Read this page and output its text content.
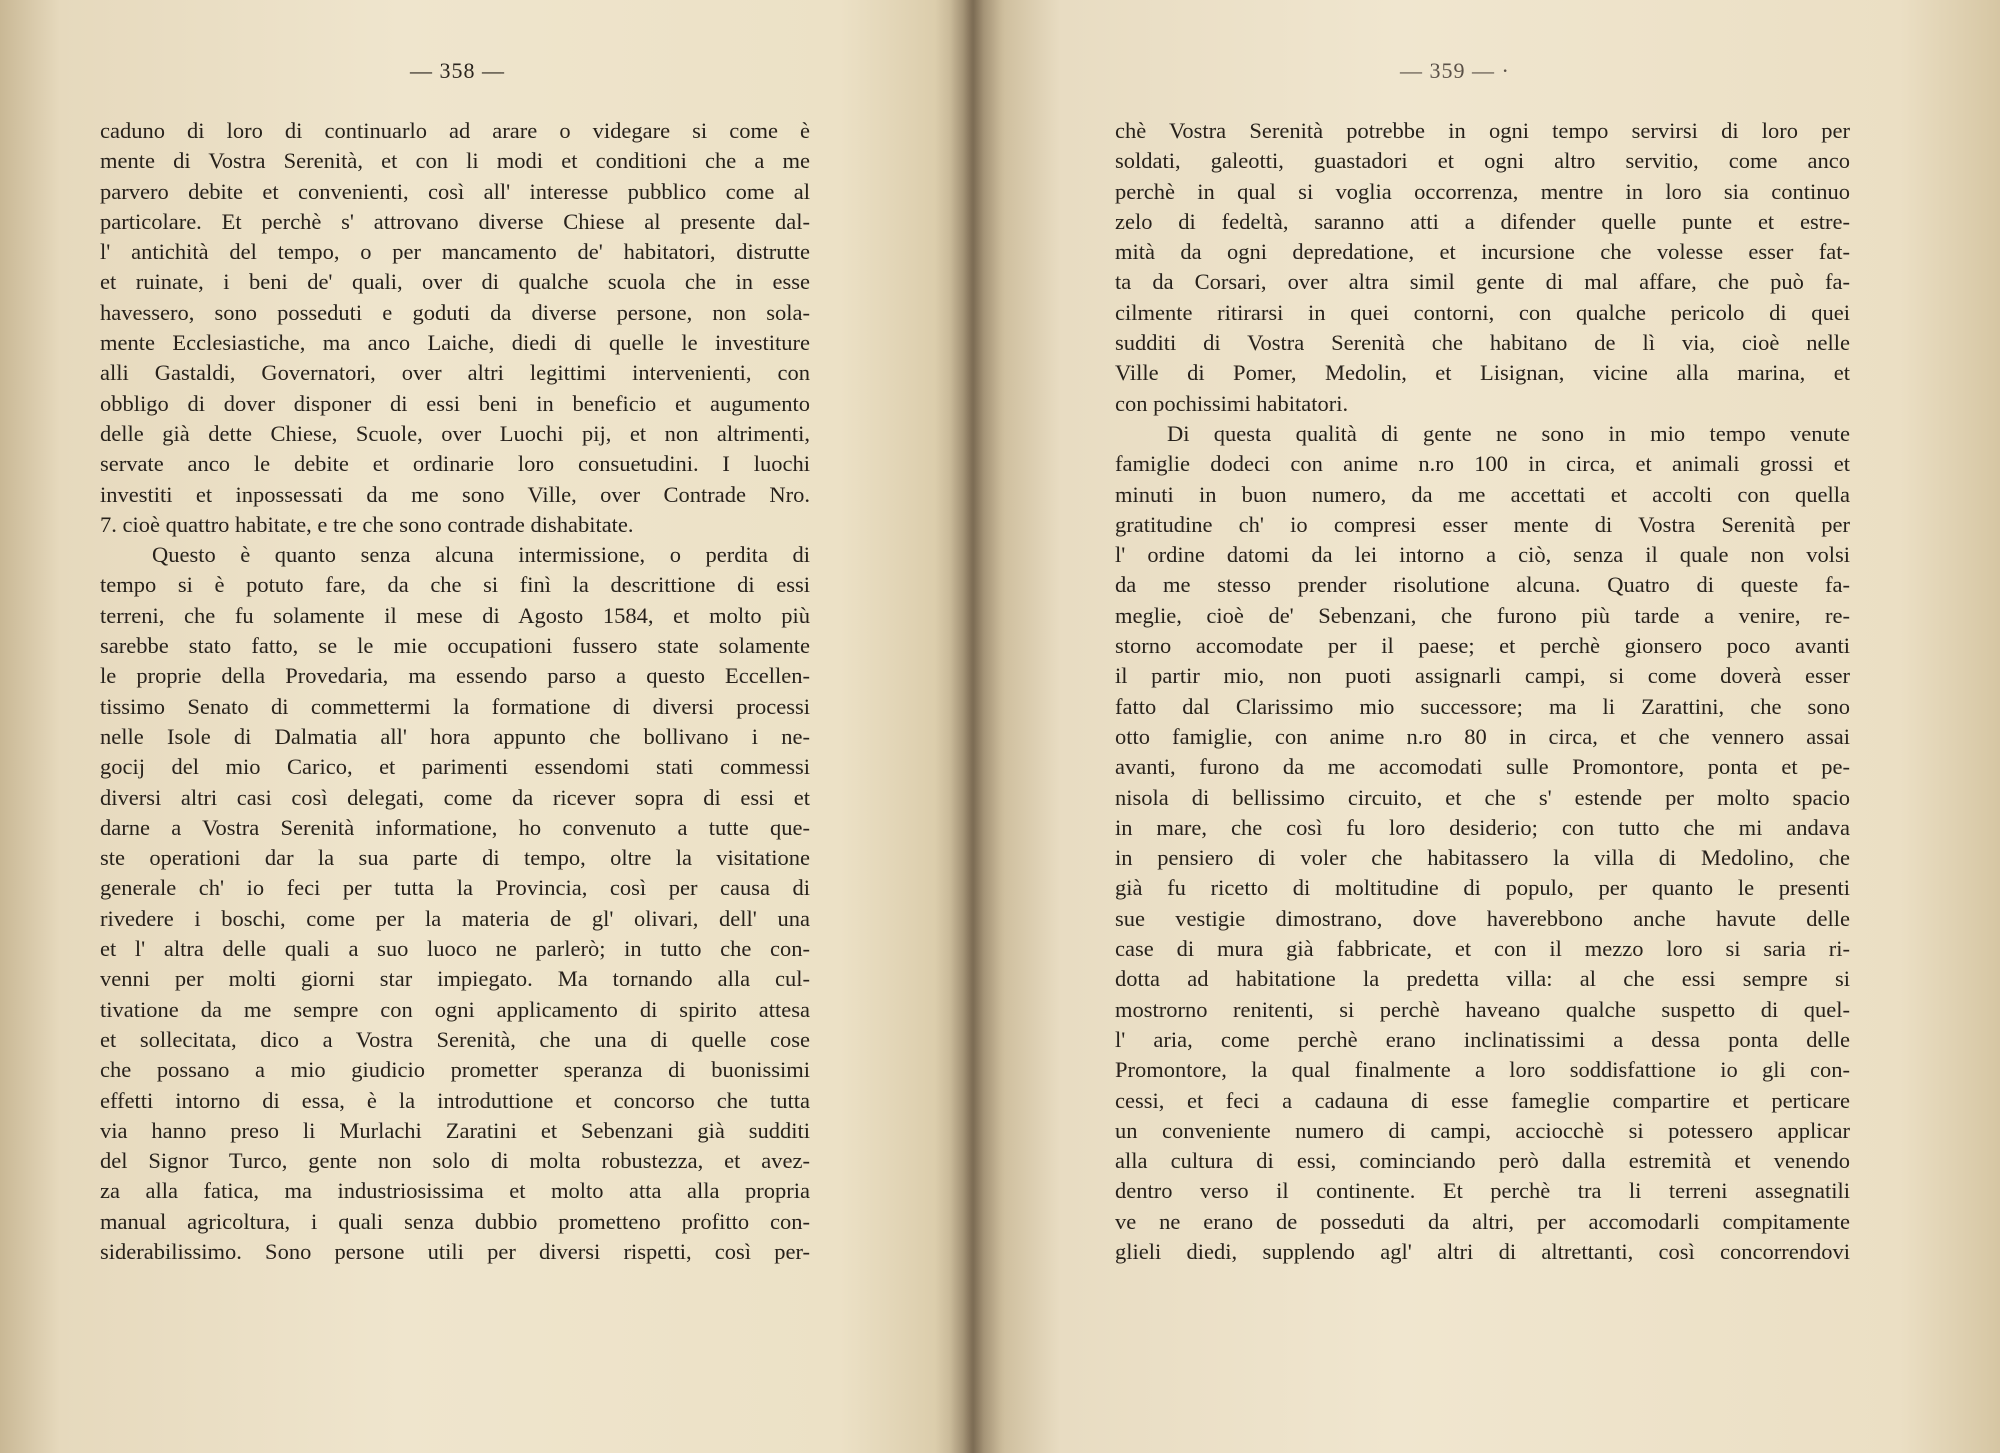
— 358 —
caduno di loro di continuarlo ad arare o videgare si come è
mente di Vostra Serenità, et con li modi et conditioni che a me
parvero debite et convenienti, così all' interesse pubblico come al
particolare. Et perchè s' attrovano diverse Chiese al presente dal-
l' antichità del tempo, o per mancamento de' habitatori, distrutte
et ruinate, i beni de' quali, over di qualche scuola che in esse
havessero, sono posseduti e goduti da diverse persone, non sola-
mente Ecclesiastiche, ma anco Laiche, diedi di quelle le investiture
alli Gastaldi, Governatori, over altri legittimi intervenienti, con
obbligo di dover disponer di essi beni in beneficio et augumento
delle già dette Chiese, Scuole, over Luochi pij, et non altrimenti,
servate anco le debite et ordinarie loro consuetudini. I luochi
investiti et inpossessati da me sono Ville, over Contrade Nro.
7. cioè quattro habitate, e tre che sono contrade dishabitate.
Questo è quanto senza alcuna intermissione, o perdita di
tempo si è potuto fare, da che si finì la descrittione di essi
terreni, che fu solamente il mese di Agosto 1584, et molto più
sarebbe stato fatto, se le mie occupationi fussero state solamente
le proprie della Provedaria, ma essendo parso a questo Eccellen-
tissimo Senato di commettermi la formatione di diversi processi
nelle Isole di Dalmatia all' hora appunto che bollivano i ne-
gocij del mio Carico, et parimenti essendomi stati commessi
diversi altri casi così delegati, come da ricever sopra di essi et
darne a Vostra Serenità informatione, ho convenuto a tutte que-
ste operationi dar la sua parte di tempo, oltre la visitatione
generale ch' io feci per tutta la Provincia, così per causa di
rivedere i boschi, come per la materia de gl' olivari, dell' una
et l' altra delle quali a suo luoco ne parlerò; in tutto che con-
venni per molti giorni star impiegato. Ma tornando alla cul-
tivatione da me sempre con ogni applicamento di spirito attesa
et sollecitata, dico a Vostra Serenità, che una di quelle cose
che possano a mio giudicio prometter speranza di buonissimi
effetti intorno di essa, è la introduttione et concorso che tutta
via hanno preso li Murlachi Zaratini et Sebenzani già sudditi
del Signor Turco, gente non solo di molta robustezza, et avez-
za alla fatica, ma industriosissima et molto atta alla propria
manual agricoltura, i quali senza dubbio prometteno profitto con-
siderabilissimo. Sono persone utili per diversi rispetti, così per-
— 359 — ·
chè Vostra Serenità potrebbe in ogni tempo servirsi di loro per
soldati, galeotti, guastadori et ogni altro servitio, come anco
perchè in qual si voglia occorrenza, mentre in loro sia continuo
zelo di fedeltà, saranno atti a difender quelle punte et estre-
mità da ogni depredatione, et incursione che volesse esser fat-
ta da Corsari, over altra simil gente di mal affare, che può fa-
cilmente ritirarsi in quei contorni, con qualche pericolo di quei
sudditi di Vostra Serenità che habitano de lì via, cioè nelle
Ville di Pomer, Medolin, et Lisignan, vicine alla marina, et
con pochissimi habitatori.
Di questa qualità di gente ne sono in mio tempo venute
famiglie dodeci con anime n.ro 100 in circa, et animali grossi et
minuti in buon numero, da me accettati et accolti con quella
gratitudine ch' io compresi esser mente di Vostra Serenità per
l' ordine datomi da lei intorno a ciò, senza il quale non volsi
da me stesso prender risolutione alcuna. Quatro di queste fa-
meglie, cioè de' Sebenzani, che furono più tarde a venire, re-
storno accomodate per il paese; et perchè gionsero poco avanti
il partir mio, non puoti assignarli campi, si come doverà esser
fatto dal Clarissimo mio successore; ma li Zarattini, che sono
otto famiglie, con anime n.ro 80 in circa, et che vennero assai
avanti, furono da me accomodati sulle Promontore, ponta et pe-
nisola di bellissimo circuito, et che s' estende per molto spacio
in mare, che così fu loro desiderio; con tutto che mi andava
in pensiero di voler che habitassero la villa di Medolino, che
già fu ricetto di moltitudine di populo, per quanto le presenti
sue vestigie dimostrano, dove haverebbono anche havute delle
case di mura già fabbricate, et con il mezzo loro si saria ri-
dotta ad habitatione la predetta villa: al che essi sempre si
mostrorno renitenti, si perchè haveano qualche suspetto di quel-
l' aria, come perchè erano inclinatissimi a dessa ponta delle
Promontore, la qual finalmente a loro soddisfattione io gli con-
cessi, et feci a cadauna di esse fameglie compartire et perticare
un conveniente numero di campi, acciocchè si potessero applicar
alla cultura di essi, cominciando però dalla estremità et venendo
dentro verso il continente. Et perchè tra li terreni assegnatili
ve ne erano de posseduti da altri, per accomodarli compitamente
glieli diedi, supplendo agl' altri di altrettanti, così concorrendovi
